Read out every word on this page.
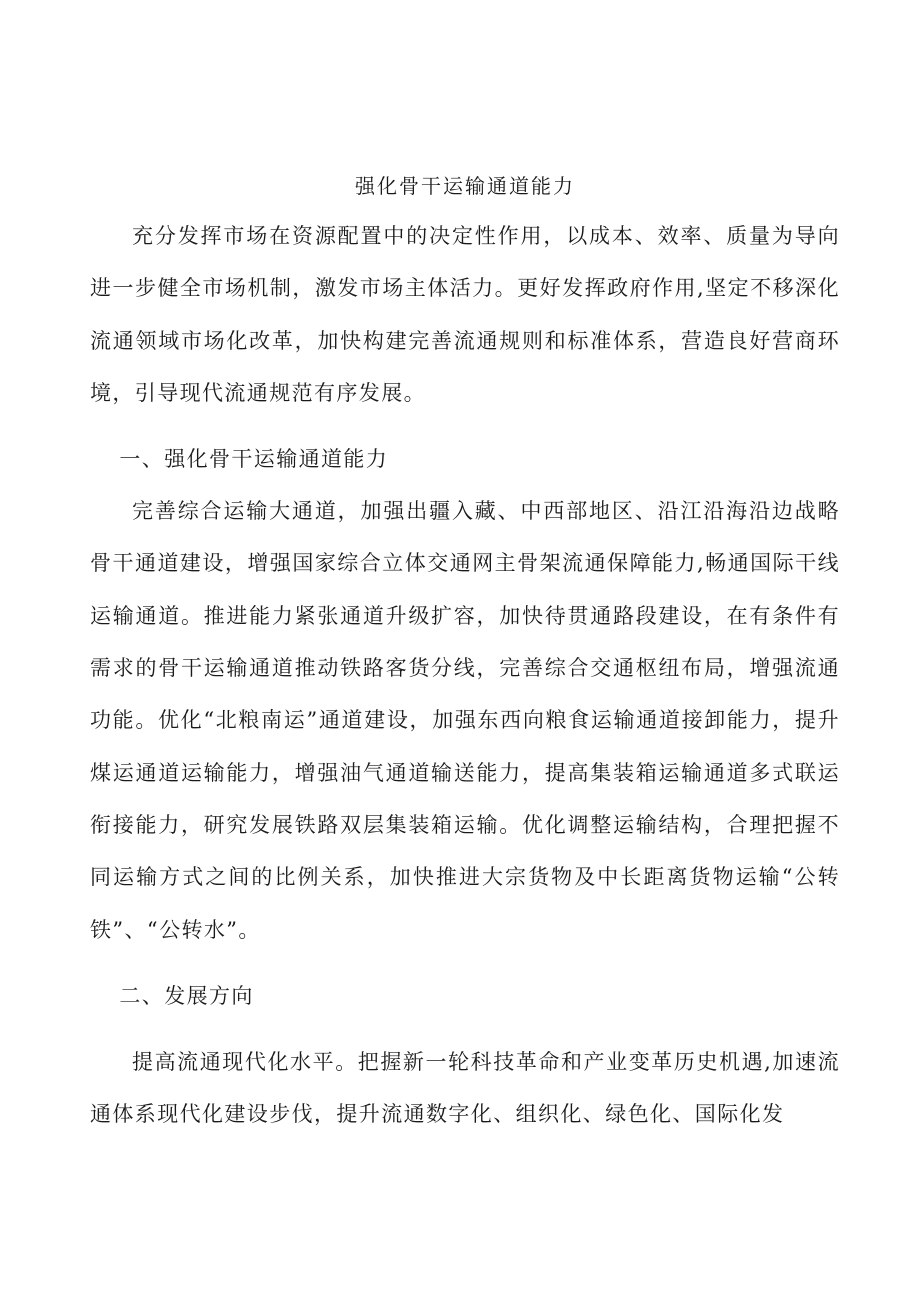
强化骨干运输通道能力

充分发挥市场在资源配置中的决定性作用，以成本、效率、质量为导向进一步健全市场机制，激发市场主体活力。更好发挥政府作用,坚定不移深化流通领域市场化改革，加快构建完善流通规则和标准体系，营造良好营商环境，引导现代流通规范有序发展。

一、强化骨干运输通道能力

完善综合运输大通道，加强出疆入藏、中西部地区、沿江沿海沿边战略骨干通道建设，增强国家综合立体交通网主骨架流通保障能力,畅通国际干线运输通道。推进能力紧张通道升级扩容，加快待贯通路段建设，在有条件有需求的骨干运输通道推动铁路客货分线，完善综合交通枢纽布局，增强流通功能。优化“北粮南运”通道建设，加强东西向粮食运输通道接卸能力，提升煤运通道运输能力，增强油气通道输送能力，提高集装箱运输通道多式联运衔接能力，研究发展铁路双层集装箱运输。优化调整运输结构，合理把握不同运输方式之间的比例关系，加快推进大宗货物及中长距离货物运输“公转铁”、“公转水”。

二、发展方向

提高流通现代化水平。把握新一轮科技革命和产业变革历史机遇,加速流通体系现代化建设步伐，提升流通数字化、组织化、绿色化、国际化发
